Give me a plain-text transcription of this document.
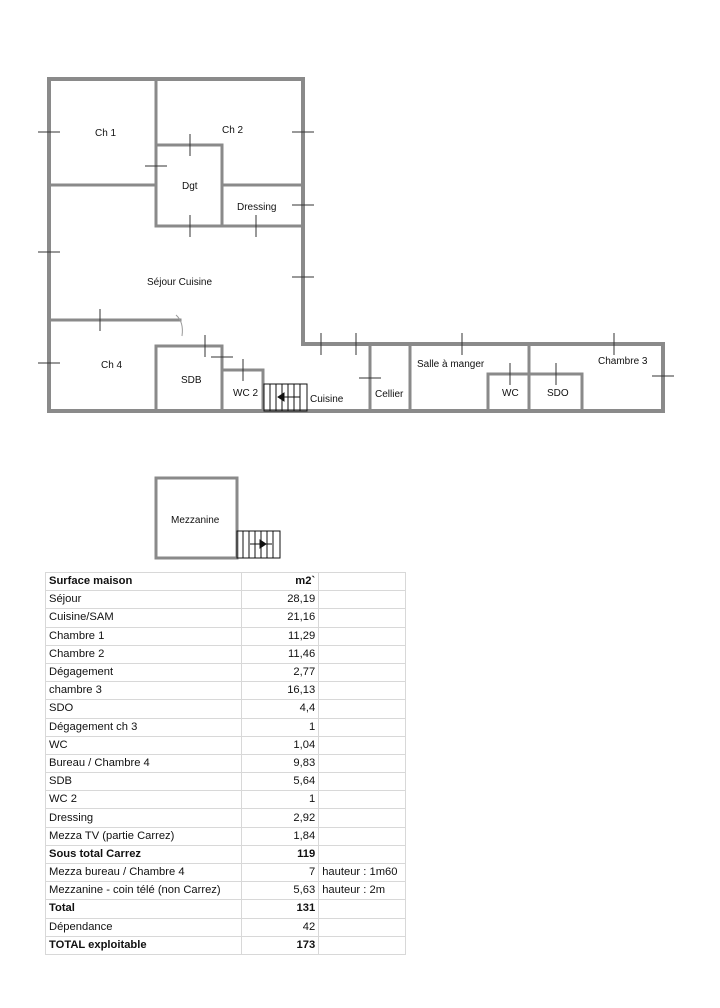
Ch 1	Ch 2
Dgt
Dressing
Séjour Cuisine
Ch 4
SDB
WC 2
Cuisine	Cellier
Salle à manger
WC	SDO
Chambre 3
Mezzanine
Surface maison	m2`	
Séjour	28,19	
Cuisine/SAM	21,16	
Chambre 1	11,29	
Chambre 2	11,46	
Dégagement	2,77	
chambre 3	16,13	
SDO	4,4	
Dégagement ch 3	1	
WC	1,04	
Bureau / Chambre 4	9,83	
SDB	5,64	
WC 2	1	
Dressing	2,92	
Mezza TV (partie Carrez)	1,84	
Sous total Carrez	119	
Mezza bureau / Chambre 4	7	hauteur : 1m60
Mezzanine - coin télé (non Carrez)	5,63	hauteur : 2m
Total	131	
Dépendance	42	
TOTAL exploitable	173	
